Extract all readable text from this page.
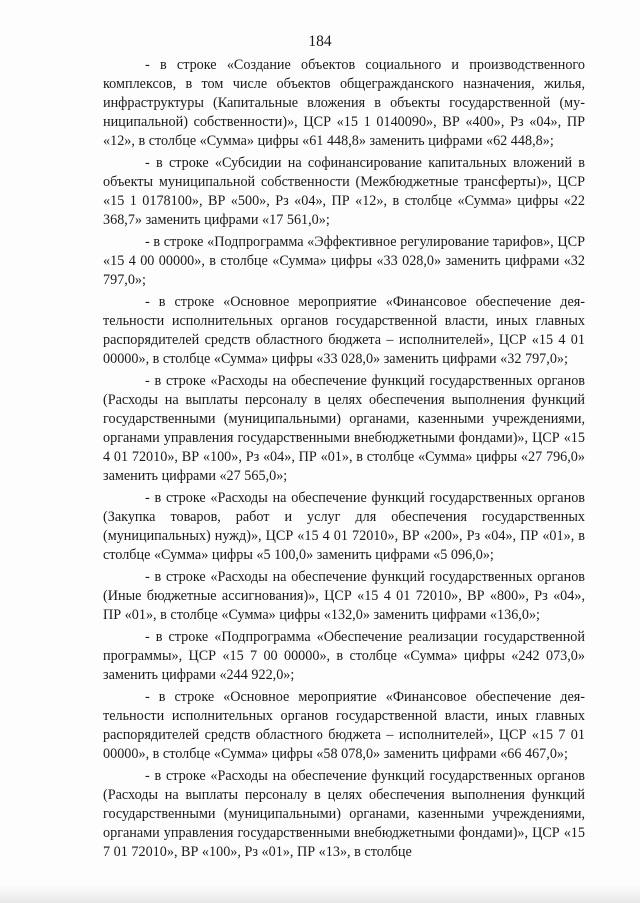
184

- в строке «Создание объектов социального и производственного комплексов, в том числе объектов общегражданского назначения, жилья, инфраструктуры (Капитальные вложения в объекты государственной (муниципальной) собственности)», ЦСР «15 1 0140090», ВР «400», Рз «04», ПР «12», в столбце «Сумма» цифры «61 448,8» заменить цифрами «62 448,8»;

- в строке «Субсидии на софинансирование капитальных вложений в объекты муниципальной собственности (Межбюджетные трансферты)», ЦСР «15 1 0178100», ВР «500», Рз «04», ПР «12», в столбце «Сумма» цифры «22 368,7» заменить цифрами «17 561,0»;

- в строке «Подпрограмма «Эффективное регулирование тарифов», ЦСР «15 4 00 00000», в столбце «Сумма» цифры «33 028,0» заменить цифрами «32 797,0»;

- в строке «Основное мероприятие «Финансовое обеспечение деятельности исполнительных органов государственной власти, иных главных распорядителей средств областного бюджета – исполнителей», ЦСР «15 4 01 00000», в столбце «Сумма» цифры «33 028,0» заменить цифрами «32 797,0»;

- в строке «Расходы на обеспечение функций государственных органов (Расходы на выплаты персоналу в целях обеспечения выполнения функций государственными (муниципальными) органами, казенными учреждениями, органами управления государственными внебюджетными фондами)», ЦСР «15 4 01 72010», ВР «100», Рз «04», ПР «01», в столбце «Сумма» цифры «27 796,0» заменить цифрами «27 565,0»;

- в строке «Расходы на обеспечение функций государственных органов (Закупка товаров, работ и услуг для обеспечения государственных (муниципальных) нужд)», ЦСР «15 4 01 72010», ВР «200», Рз «04», ПР «01», в столбце «Сумма» цифры «5 100,0» заменить цифрами «5 096,0»;

- в строке «Расходы на обеспечение функций государственных органов (Иные бюджетные ассигнования)», ЦСР «15 4 01 72010», ВР «800», Рз «04», ПР «01», в столбце «Сумма» цифры «132,0» заменить цифрами «136,0»;

- в строке «Подпрограмма «Обеспечение реализации государственной программы», ЦСР «15 7 00 00000», в столбце «Сумма» цифры «242 073,0» заменить цифрами «244 922,0»;

- в строке «Основное мероприятие «Финансовое обеспечение деятельности исполнительных органов государственной власти, иных главных распорядителей средств областного бюджета – исполнителей», ЦСР «15 7 01 00000», в столбце «Сумма» цифры «58 078,0» заменить цифрами «66 467,0»;

- в строке «Расходы на обеспечение функций государственных органов (Расходы на выплаты персоналу в целях обеспечения выполнения функций государственными (муниципальными) органами, казенными учреждениями, органами управления государственными внебюджетными фондами)», ЦСР «15 7 01 72010», ВР «100», Рз «01», ПР «13», в столбце
